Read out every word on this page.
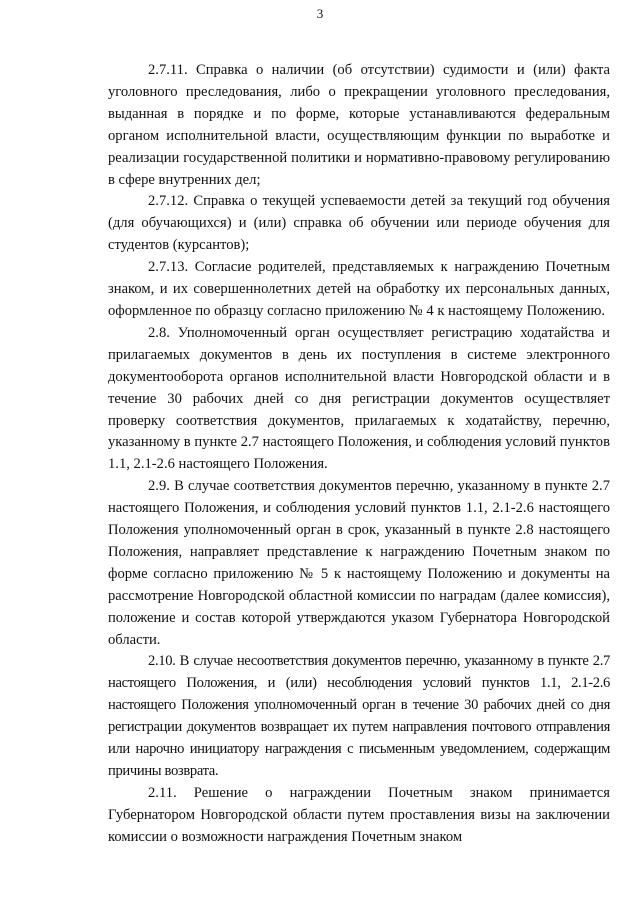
3

2.7.11. Справка о наличии (об отсутствии) судимости и (или) факта уголовного преследования, либо о прекращении уголовного преследования, выданная в порядке и по форме, которые устанавливаются федеральным органом исполнительной власти, осуществляющим функции по выработке и реализации государственной политики и нормативно-правовому регулированию в сфере внутренних дел;

2.7.12. Справка о текущей успеваемости детей за текущий год обучения (для обучающихся) и (или) справка об обучении или периоде обучения для студентов (курсантов);

2.7.13. Согласие родителей, представляемых к награждению Почетным знаком, и их совершеннолетних детей на обработку их персональных данных, оформленное по образцу согласно приложению № 4 к настоящему Положению.

2.8. Уполномоченный орган осуществляет регистрацию ходатайства и прилагаемых документов в день их поступления в системе электронного документооборота органов исполнительной власти Новгородской области и в течение 30 рабочих дней со дня регистрации документов осуществляет проверку соответствия документов, прилагаемых к ходатайству, перечню, указанному в пункте 2.7 настоящего Положения, и соблюдения условий пунктов 1.1, 2.1-2.6 настоящего Положения.

2.9. В случае соответствия документов перечню, указанному в пункте 2.7 настоящего Положения, и соблюдения условий пунктов 1.1, 2.1-2.6 настоящего Положения уполномоченный орган в срок, указанный в пункте 2.8 настоящего Положения, направляет представление к награждению Почетным знаком по форме согласно приложению № 5 к настоящему Положению и документы на рассмотрение Новгородской областной комиссии по наградам (далее комиссия), положение и состав которой утверждаются указом Губернатора Новгородской области.

2.10. В случае несоответствия документов перечню, указанному в пункте 2.7 настоящего Положения, и (или) несоблюдения условий пунктов 1.1, 2.1-2.6 настоящего Положения уполномоченный орган в течение 30 рабочих дней со дня регистрации документов возвращает их путем направления почтового отправления или нарочно инициатору награждения с письменным уведомлением, содержащим причины возврата.

2.11. Решение о награждении Почетным знаком принимается Губернатором Новгородской области путем проставления визы на заключении комиссии о возможности награждения Почетным знаком
